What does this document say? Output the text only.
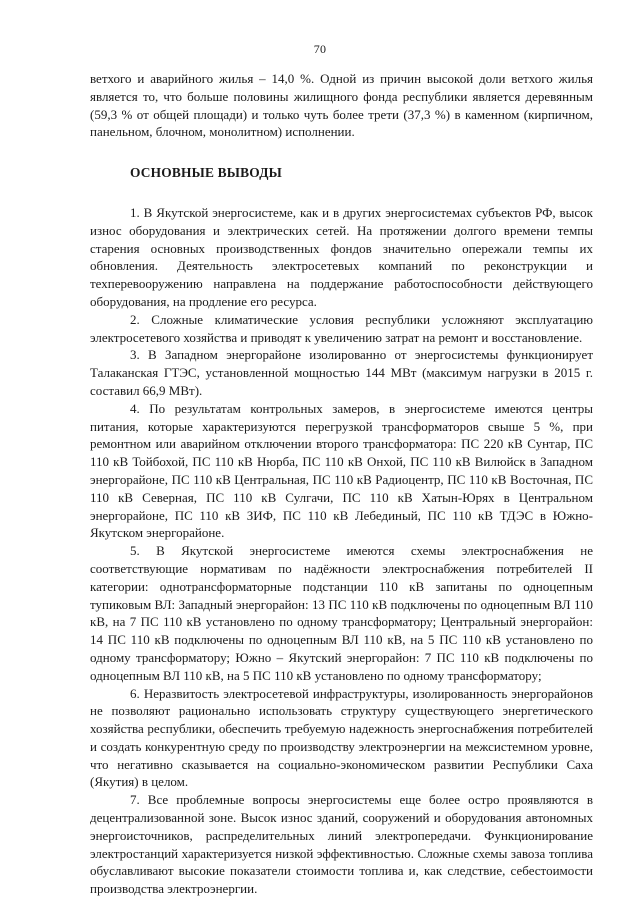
70

ветхого и аварийного жилья – 14,0 %. Одной из причин высокой доли ветхого жилья является то, что больше половины жилищного фонда республики является деревянным (59,3 % от общей площади) и только чуть более трети (37,3 %) в каменном (кирпичном, панельном, блочном, монолитном) исполнении.

ОСНОВНЫЕ ВЫВОДЫ

1. В Якутской энергосистеме, как и в других энергосистемах субъектов РФ, высок износ оборудования и электрических сетей. На протяжении долгого времени темпы старения основных производственных фондов значительно опережали темпы их обновления. Деятельность электросетевых компаний по реконструкции и техперевооружению направлена на поддержание работоспособности действующего оборудования, на продление его ресурса.

2. Сложные климатические условия республики усложняют эксплуатацию электросетевого хозяйства и приводят к увеличению затрат на ремонт и восстановление.

3. В Западном энергорайоне изолированно от энергосистемы функционирует Талаканская ГТЭС, установленной мощностью 144 МВт (максимум нагрузки в 2015 г. составил 66,9 МВт).

4. По результатам контрольных замеров, в энергосистеме имеются центры питания, которые характеризуются перегрузкой трансформаторов свыше 5 %, при ремонтном или аварийном отключении второго трансформатора: ПС 220 кВ Сунтар, ПС 110 кВ Тойбохой, ПС 110 кВ Нюрба, ПС 110 кВ Онхой, ПС 110 кВ Вилюйск в Западном энергорайоне, ПС 110 кВ Центральная, ПС 110 кВ Радиоцентр, ПС 110 кВ Восточная, ПС 110 кВ Северная, ПС 110 кВ Сулгачи, ПС 110 кВ Хатын-Юрях в Центральном энергорайоне, ПС 110 кВ ЗИФ, ПС 110 кВ Лебединый, ПС 110 кВ ТДЭС в Южно-Якутском энергорайоне.

5. В Якутской энергосистеме имеются схемы электроснабжения не соответствующие нормативам по надёжности электроснабжения потребителей II категории: однотрансформаторные подстанции 110 кВ запитаны по одноцепным тупиковым ВЛ: Западный энергорайон: 13 ПС 110 кВ подключены по одноцепным ВЛ 110 кВ, на 7 ПС 110 кВ установлено по одному трансформатору; Центральный энергорайон: 14 ПС 110 кВ подключены по одноцепным ВЛ 110 кВ, на 5 ПС 110 кВ установлено по одному трансформатору; Южно – Якутский энергорайон: 7 ПС 110 кВ подключены по одноцепным ВЛ 110 кВ, на 5 ПС 110 кВ установлено по одному трансформатору;

6. Неразвитость электросетевой инфраструктуры, изолированность энергорайонов не позволяют рационально использовать структуру существующего энергетического хозяйства республики, обеспечить требуемую надежность энергоснабжения потребителей и создать конкурентную среду по производству электроэнергии на межсистемном уровне, что негативно сказывается на социально-экономическом развитии Республики Саха (Якутия) в целом.

7. Все проблемные вопросы энергосистемы еще более остро проявляются в децентрализованной зоне. Высок износ зданий, сооружений и оборудования автономных энергоисточников, распределительных линий электропередачи. Функционирование электростанций характеризуется низкой эффективностью. Сложные схемы завоза топлива обуславливают высокие показатели стоимости топлива и, как следствие, себестоимости производства электроэнергии.
